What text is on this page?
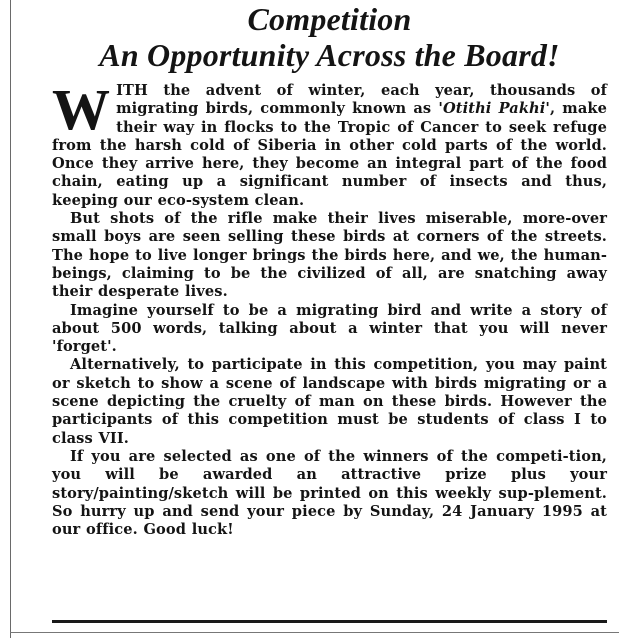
Competition
An Opportunity Across the Board!

WITH the advent of winter, each year, thousands of migrating birds, commonly known as 'Otithi Pakhi', make their way in flocks to the Tropic of Cancer to seek refuge from the harsh cold of Siberia in other cold parts of the world. Once they arrive here, they become an integral part of the food chain, eating up a significant number of insects and thus, keeping our eco-system clean.

But shots of the rifle make their lives miserable, more-over small boys are seen selling these birds at corners of the streets. The hope to live longer brings the birds here, and we, the human-beings, claiming to be the civilized of all, are snatching away their desperate lives.

Imagine yourself to be a migrating bird and write a story of about 500 words, talking about a winter that you will never 'forget'.

Alternatively, to participate in this competition, you may paint or sketch to show a scene of landscape with birds migrating or a scene depicting the cruelty of man on these birds. However the participants of this competition must be students of class I to class VII.

If you are selected as one of the winners of the competi-tion, you will be awarded an attractive prize plus your story/painting/sketch will be printed on this weekly sup-plement. So hurry up and send your piece by Sunday, 24 January 1995 at our office. Good luck!
